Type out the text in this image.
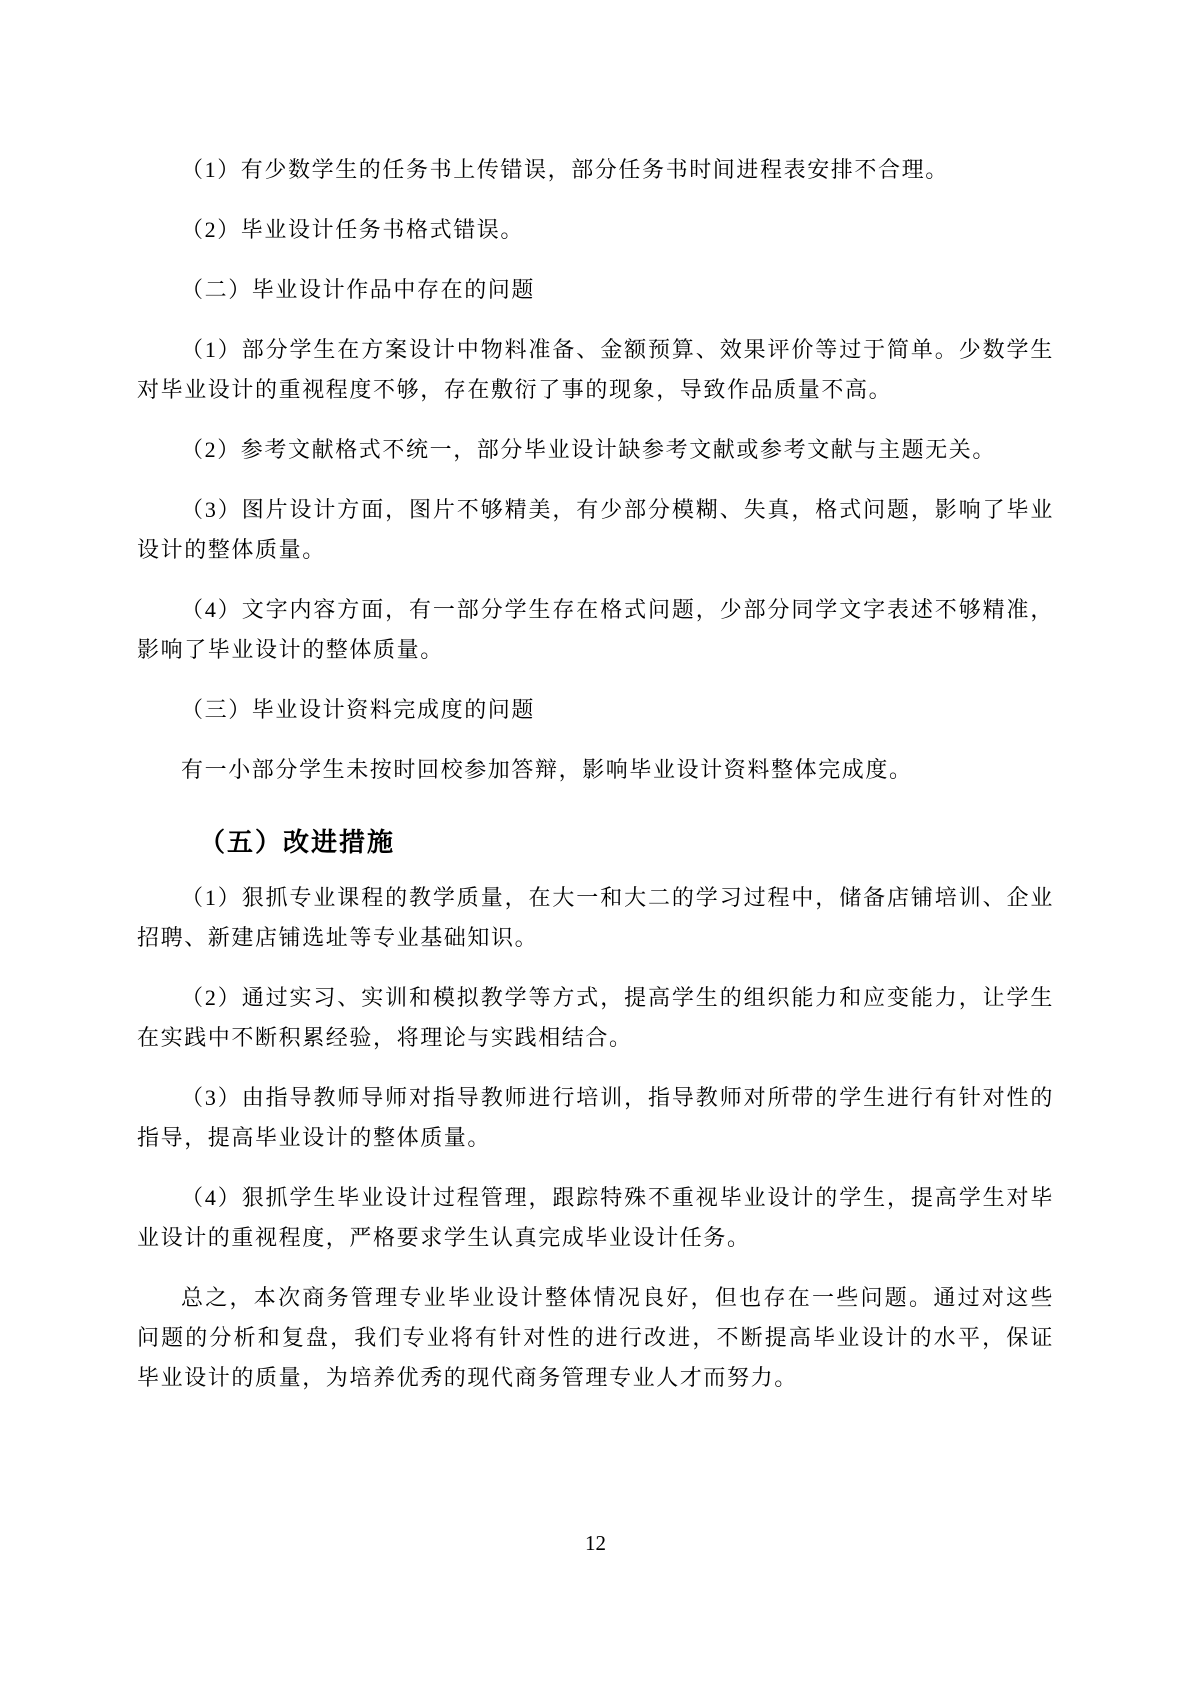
（1）有少数学生的任务书上传错误，部分任务书时间进程表安排不合理。

（2）毕业设计任务书格式错误。

（二）毕业设计作品中存在的问题

（1）部分学生在方案设计中物料准备、金额预算、效果评价等过于简单。少数学生对毕业设计的重视程度不够，存在敷衍了事的现象，导致作品质量不高。

（2）参考文献格式不统一，部分毕业设计缺参考文献或参考文献与主题无关。

（3）图片设计方面，图片不够精美，有少部分模糊、失真，格式问题，影响了毕业设计的整体质量。

（4）文字内容方面，有一部分学生存在格式问题，少部分同学文字表述不够精准，影响了毕业设计的整体质量。

（三）毕业设计资料完成度的问题

有一小部分学生未按时回校参加答辩，影响毕业设计资料整体完成度。

（五）改进措施

（1）狠抓专业课程的教学质量，在大一和大二的学习过程中，储备店铺培训、企业招聘、新建店铺选址等专业基础知识。

（2）通过实习、实训和模拟教学等方式，提高学生的组织能力和应变能力，让学生在实践中不断积累经验，将理论与实践相结合。

（3）由指导教师导师对指导教师进行培训，指导教师对所带的学生进行有针对性的指导，提高毕业设计的整体质量。

（4）狠抓学生毕业设计过程管理，跟踪特殊不重视毕业设计的学生，提高学生对毕业设计的重视程度，严格要求学生认真完成毕业设计任务。

总之，本次商务管理专业毕业设计整体情况良好，但也存在一些问题。通过对这些问题的分析和复盘，我们专业将有针对性的进行改进，不断提高毕业设计的水平，保证毕业设计的质量，为培养优秀的现代商务管理专业人才而努力。

12
